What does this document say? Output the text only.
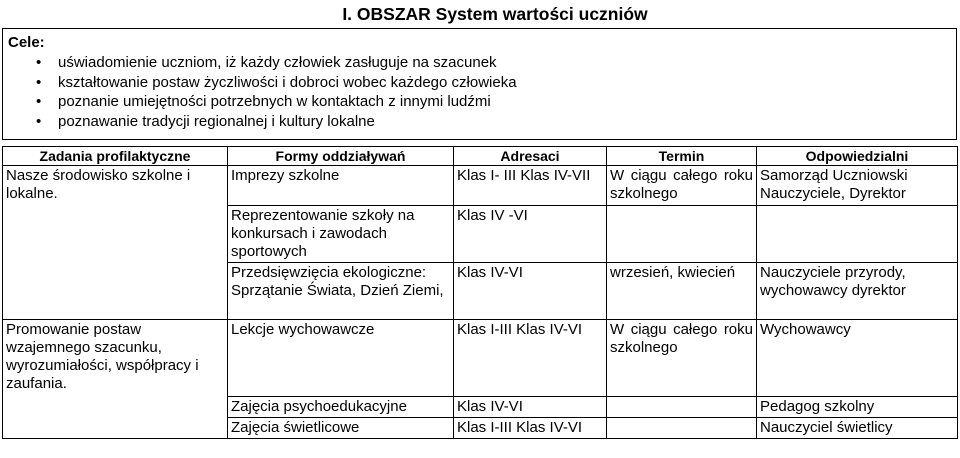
I. OBSZAR System wartości uczniów
Cele:
• uświadomienie uczniom, iż każdy człowiek zasługuje na szacunek
• kształtowanie postaw życzliwości i dobroci wobec każdego człowieka
• poznanie umiejętności potrzebnych w kontaktach z innymi ludźmi
• poznawanie tradycji regionalnej i kultury lokalne
Zadania profilaktyczne	Formy oddziaływań	Adresaci	Termin	Odpowiedzialni
Nasze środowisko szkolne i lokalne.	Imprezy szkolne	Klas I- III Klas IV-VII	W ciągu całego roku szkolnego	Samorząd Uczniowski Nauczyciele, Dyrektor
	Reprezentowanie szkoły na konkursach i zawodach sportowych	Klas IV -VI		
	Przedsięwzięcia ekologiczne: Sprzątanie Świata, Dzień Ziemi,	Klas IV-VI	wrzesień, kwiecień	Nauczyciele przyrody, wychowawcy dyrektor
Promowanie postaw wzajemnego szacunku, wyrozumiałości, współpracy i zaufania.	Lekcje wychowawcze	Klas I-III Klas IV-VI	W ciągu całego roku szkolnego	Wychowawcy
	Zajęcia psychoedukacyjne	Klas IV-VI		Pedagog szkolny
	Zajęcia świetlicowe	Klas I-III Klas IV-VI		Nauczyciel świetlicy
